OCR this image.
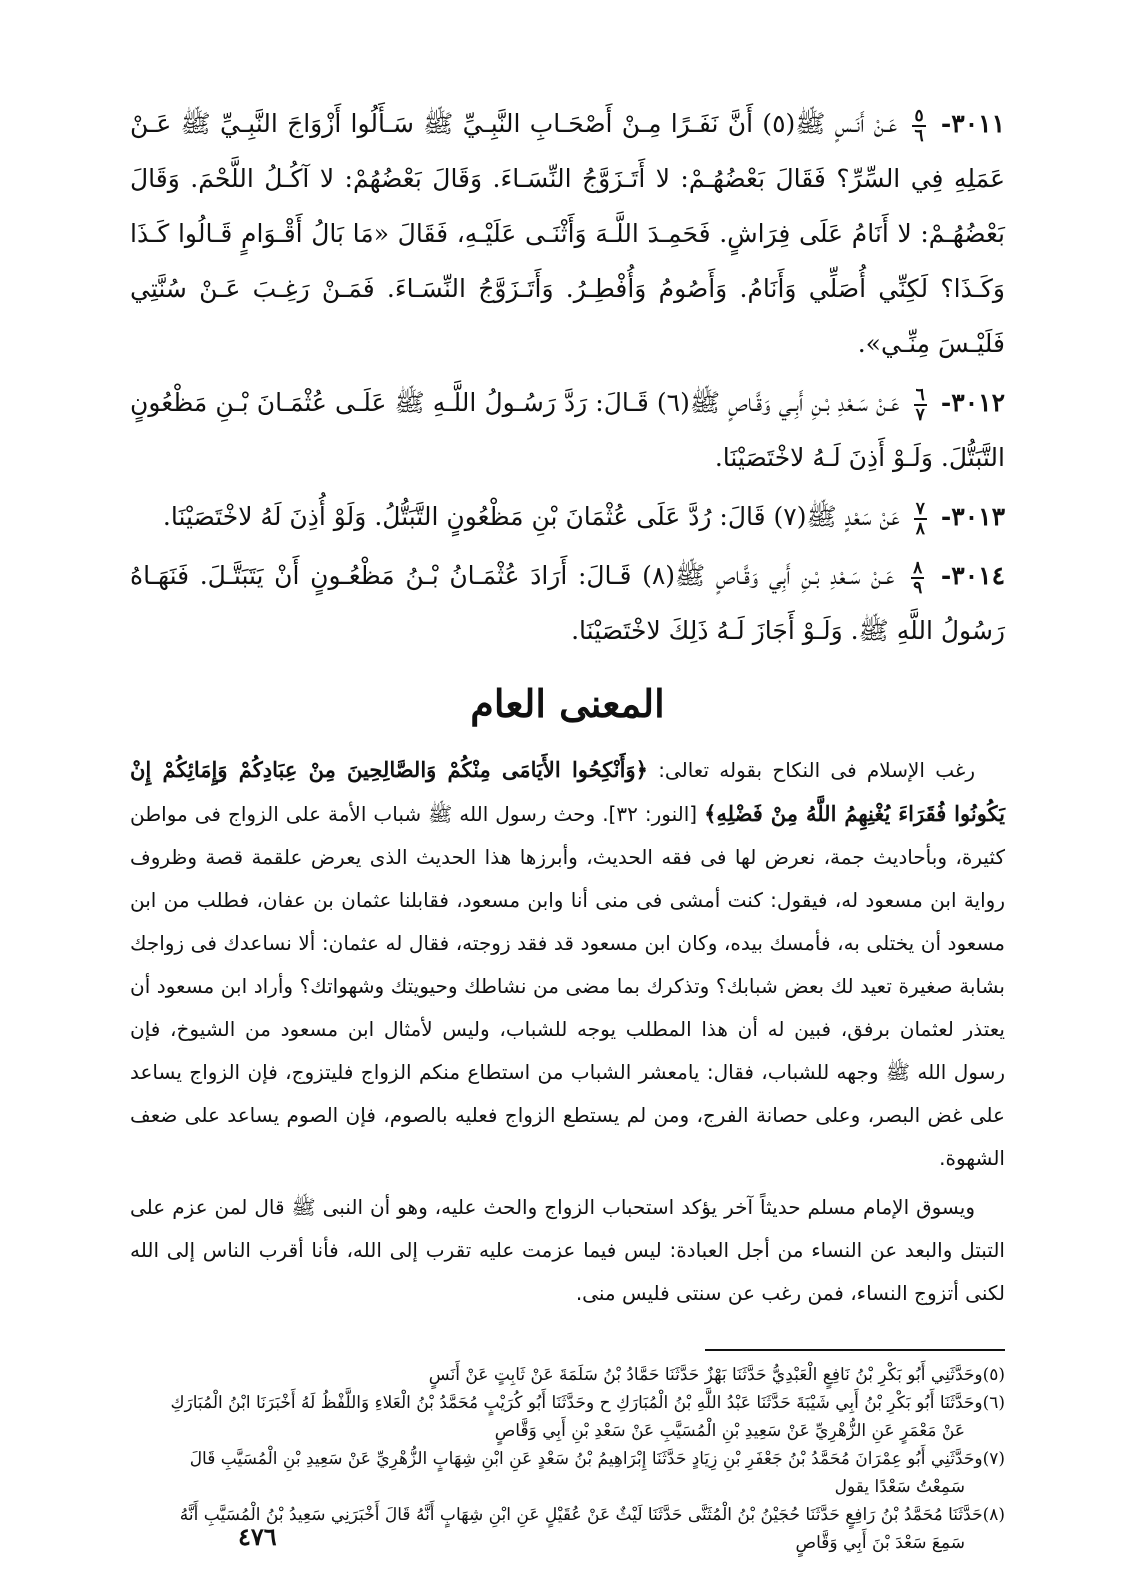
٣٠١١-
$\frac{٥}{٦}$
عَـنْ أَنَـسٍ ﷺ(٥) أَنَّ نَفَـرًا مِـنْ أَصْحَـابِ النَّبِـيِّ ﷺ سَـأَلُوا أَزْوَاجَ النَّبِـيِّ ﷺ عَـنْ عَمَلِهِ فِي السِّرِّ؟ فَقَالَ بَعْضُهُـمْ: لا أَتَـزَوَّجُ النِّسَـاءَ. وَقَالَ بَعْضُهُمْ: لا آكُـلُ اللَّحْمَ. وَقَالَ بَعْضُهُـمْ: لا أَنَامُ عَلَى فِرَاشٍ. فَحَمِـدَ اللَّـهَ وَأَثْنَـى عَلَيْـهِ، فَقَالَ «مَا بَالُ أَقْـوَامٍ قَـالُوا كَـذَا وَكَـذَا؟ لَكِنِّي أُصَلِّي وَأَنَامُ. وَأَصُومُ وَأُفْطِـرُ. وَأَتَـزَوَّجُ النِّسَـاءَ. فَمَـنْ رَغِـبَ عَـنْ سُنَّتِي فَلَيْـسَ مِنِّـي».

٣٠١٢-
$\frac{٦}{٧}$
عَـنْ سَـعْدِ بْـنِ أَبِـي وَقَّـاصٍ ﷺ(٦) قَـالَ: رَدَّ رَسُـولُ اللَّـهِ ﷺ عَلَـى عُثْمَـانَ بْـنِ مَظْعُونٍ التَّبَتُّلَ. وَلَـوْ أَذِنَ لَـهُ لاخْتَصَيْنَا.

٣٠١٣-
$\frac{٧}{٨}$
عَنْ سَعْدٍ ﷺ(٧) قَالَ: رُدَّ عَلَى عُثْمَانَ بْنِ مَظْعُونٍ التَّبَتُّلُ. وَلَوْ أُذِنَ لَهُ لاخْتَصَيْنَا.

٣٠١٤-
$\frac{٨}{٩}$
عَـنْ سَـعْدِ بْـنِ أَبِي وَقَّـاصٍ ﷺ(٨) قَـالَ: أَرَادَ عُثْمَـانُ بْـنُ مَظْعُـونٍ أَنْ يَتَبَتَّـلَ. فَنَهَـاهُ رَسُولُ اللَّهِ ﷺ. وَلَـوْ أَجَازَ لَـهُ ذَلِكَ لاخْتَصَيْنَا.

المعنى العام

رغب الإسلام فى النكاح بقوله تعالى: ﴿وَأَنْكِحُوا الأَيَامَى مِنْكُمْ وَالصَّالِحِينَ مِنْ عِبَادِكُمْ وَإِمَائِكُمْ إِنْ يَكُونُوا فُقَرَاءَ يُغْنِهِمُ اللَّهُ مِنْ فَضْلِهِ﴾ [النور: ٣٢]. وحث رسول الله ﷺ شباب الأمة على الزواج فى مواطن كثيرة، وبأحاديث جمة، نعرض لها فى فقه الحديث، وأبرزها هذا الحديث الذى يعرض علقمة قصة وظروف رواية ابن مسعود له، فيقول: كنت أمشى فى منى أنا وابن مسعود، فقابلنا عثمان بن عفان، فطلب من ابن مسعود أن يختلى به، فأمسك بيده، وكان ابن مسعود قد فقد زوجته، فقال له عثمان: ألا نساعدك فى زواجك بشابة صغيرة تعيد لك بعض شبابك؟ وتذكرك بما مضى من نشاطك وحيويتك وشهواتك؟ وأراد ابن مسعود أن يعتذر لعثمان برفق، فبين له أن هذا المطلب يوجه للشباب، وليس لأمثال ابن مسعود من الشيوخ، فإن رسول الله ﷺ وجهه للشباب، فقال: يامعشر الشباب من استطاع منكم الزواج فليتزوج، فإن الزواج يساعد على غض البصر، وعلى حصانة الفرج، ومن لم يستطع الزواج فعليه بالصوم، فإن الصوم يساعد على ضعف الشهوة.

ويسوق الإمام مسلم حديثاً آخر يؤكد استحباب الزواج والحث عليه، وهو أن النبى ﷺ قال لمن عزم على التبتل والبعد عن النساء من أجل العبادة: ليس فيما عزمت عليه تقرب إلى الله، فأنا أقرب الناس إلى الله لكنى أتزوج النساء، فمن رغب عن سنتى فليس منى.

(٥)وحَدَّثَنِي أَبُو بَكْرِ بْنُ نَافِعٍ الْعَبْدِيُّ حَدَّثَنَا بَهْزٌ حَدَّثَنَا حَمَّادُ بْنُ سَلَمَةَ عَنْ ثَابِتٍ عَنْ أَنَسٍ

(٦)وحَدَّثَنَا أَبُو بَكْرِ بْنُ أَبِي شَيْبَةَ حَدَّثَنَا عَبْدُ اللَّهِ بْنُ الْمُبَارَكِ ح وحَدَّثَنَا أَبُو كُرَيْبٍ مُحَمَّدُ بْنُ الْعَلاءِ وَاللَّفْظُ لَهُ أَخْبَرَنَا ابْنُ الْمُبَارَكِ

عَنْ مَعْمَرٍ عَنِ الزُّهْرِيِّ عَنْ سَعِيدِ بْنِ الْمُسَيَّبِ عَنْ سَعْدِ بْنِ أَبِي وَقَّاصٍ

(٧)وحَدَّثَنِي أَبُو عِمْرَانَ مُحَمَّدُ بْنُ جَعْفَرِ بْنِ زِيَادٍ حَدَّثَنَا إِبْرَاهِيمُ بْنُ سَعْدٍ عَنِ ابْنِ شِهَابٍ الزُّهْرِيِّ عَنْ سَعِيدِ بْنِ الْمُسَيَّبِ قَالَ

سَمِعْتُ سَعْدًا يقول

(٨)حَدَّثَنَا مُحَمَّدُ بْنُ رَافِعٍ حَدَّثَنَا حُجَيْنُ بْنُ الْمُثَنَّى حَدَّثَنَا لَيْثٌ عَنْ عُقَيْلٍ عَنِ ابْنِ شِهَابٍ أَنَّهُ قَالَ أَخْبَرَنِي سَعِيدُ بْنُ الْمُسَيَّبِ أَنَّهُ

سَمِعَ سَعْدَ بْنَ أَبِي وَقَّاصٍ

٤٧٦
